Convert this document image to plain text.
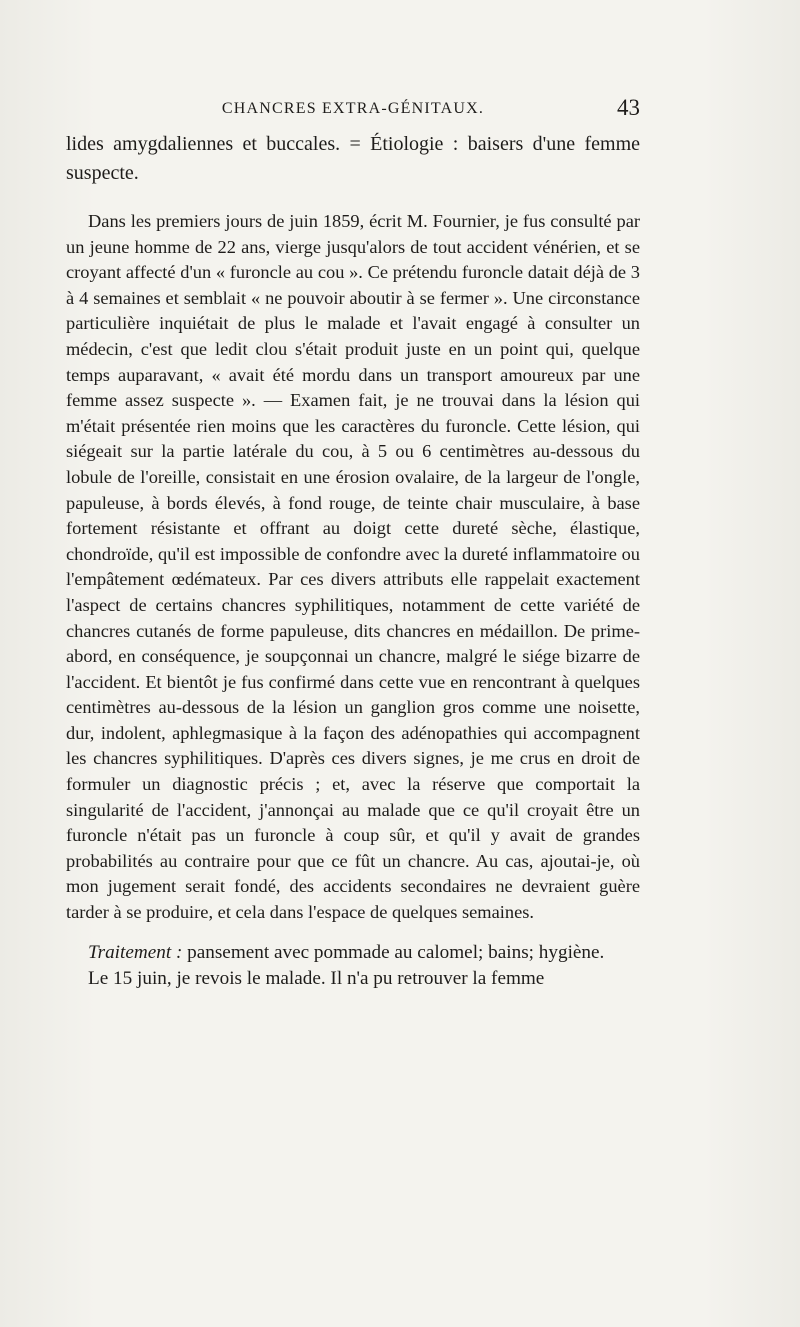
CHANCRES EXTRA-GÉNITAUX.	43

lides amygdaliennes et buccales. = Étiologie : baisers d'une femme suspecte.

Dans les premiers jours de juin 1859, écrit M. Fournier, je fus consulté par un jeune homme de 22 ans, vierge jusqu'alors de tout accident vénérien, et se croyant affecté d'un « furoncle au cou ». Ce prétendu furoncle datait déjà de 3 à 4 semaines et semblait « ne pouvoir aboutir à se fermer ». Une circonstance particulière inquiétait de plus le malade et l'avait engagé à consulter un médecin, c'est que ledit clou s'était produit juste en un point qui, quelque temps auparavant, « avait été mordu dans un transport amoureux par une femme assez suspecte ». — Examen fait, je ne trouvai dans la lésion qui m'était présentée rien moins que les caractères du furoncle. Cette lésion, qui siégeait sur la partie latérale du cou, à 5 ou 6 centimètres au-dessous du lobule de l'oreille, consistait en une érosion ovalaire, de la largeur de l'ongle, papuleuse, à bords élevés, à fond rouge, de teinte chair musculaire, à base fortement résistante et offrant au doigt cette dureté sèche, élastique, chondroïde, qu'il est impossible de confondre avec la dureté inflammatoire ou l'empâtement œdémateux. Par ces divers attributs elle rappelait exactement l'aspect de certains chancres syphilitiques, notamment de cette variété de chancres cutanés de forme papuleuse, dits chancres en médaillon. De prime-abord, en conséquence, je soupçonnai un chancre, malgré le siége bizarre de l'accident. Et bientôt je fus confirmé dans cette vue en rencontrant à quelques centimètres au-dessous de la lésion un ganglion gros comme une noisette, dur, indolent, aphlegmasique à la façon des adénopathies qui accompagnent les chancres syphilitiques. D'après ces divers signes, je me crus en droit de formuler un diagnostic précis ; et, avec la réserve que comportait la singularité de l'accident, j'annonçai au malade que ce qu'il croyait être un furoncle n'était pas un furoncle à coup sûr, et qu'il y avait de grandes probabilités au contraire pour que ce fût un chancre. Au cas, ajoutai-je, où mon jugement serait fondé, des accidents secondaires ne devraient guère tarder à se produire, et cela dans l'espace de quelques semaines.

Traitement : pansement avec pommade au calomel; bains; hygiène.

Le 15 juin, je revois le malade. Il n'a pu retrouver la femme
